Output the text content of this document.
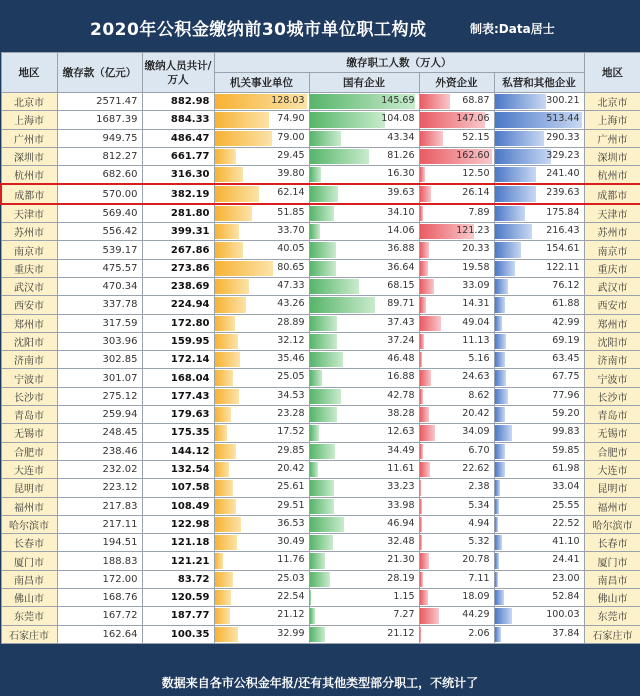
2020年公积金缴纳前30城市单位职工构成	制表:Data居士
地区	缴存款（亿元）	缴纳人员共计/万人	缴存职工人数（万人）				地区
			机关事业单位	国有企业	外资企业	私营和其他企业	
北京市	2571.47	882.98	128.03	145.69	68.87	300.21	北京市
上海市	1687.39	884.33	74.90	104.08	147.06	513.44	上海市
广州市	949.75	486.47	79.00	43.34	52.15	290.33	广州市
深圳市	812.27	661.77	29.45	81.26	162.60	329.23	深圳市
杭州市	682.60	316.30	39.80	16.30	12.50	241.40	杭州市
成都市	570.00	382.19	62.14	39.63	26.14	239.63	成都市
天津市	569.40	281.80	51.85	34.10	7.89	175.84	天津市
苏州市	556.42	399.31	33.70	14.06	121.23	216.43	苏州市
南京市	539.17	267.86	40.05	36.88	20.33	154.61	南京市
重庆市	475.57	273.86	80.65	36.64	19.58	122.11	重庆市
武汉市	470.34	238.69	47.33	68.15	33.09	76.12	武汉市
西安市	337.78	224.94	43.26	89.71	14.31	61.88	西安市
郑州市	317.59	172.80	28.89	37.43	49.04	42.99	郑州市
沈阳市	303.96	159.95	32.12	37.24	11.13	69.19	沈阳市
济南市	302.85	172.14	35.46	46.48	5.16	63.45	济南市
宁波市	301.07	168.04	25.05	16.88	24.63	67.75	宁波市
长沙市	275.12	177.43	34.53	42.78	8.62	77.96	长沙市
青岛市	259.94	179.63	23.28	38.28	20.42	59.20	青岛市
无锡市	248.45	175.35	17.52	12.63	34.09	99.83	无锡市
合肥市	238.46	144.12	29.85	34.49	6.70	59.85	合肥市
大连市	232.02	132.54	20.42	11.61	22.62	61.98	大连市
昆明市	223.12	107.58	25.61	33.23	2.38	33.04	昆明市
福州市	217.83	108.49	29.51	33.98	5.34	25.55	福州市
哈尔滨市	217.11	122.98	36.53	46.94	4.94	22.52	哈尔滨市
长春市	194.51	121.18	30.49	32.48	5.32	41.10	长春市
厦门市	188.83	121.21	11.76	21.30	20.78	24.41	厦门市
南昌市	172.00	83.72	25.03	28.19	7.11	23.00	南昌市
佛山市	168.76	120.59	22.54	1.15	18.09	52.84	佛山市
东莞市	167.72	187.77	21.12	7.27	44.29	100.03	东莞市
石家庄市	162.64	100.35	32.99	21.12	2.06	37.84	石家庄市
数据来自各市公积金年报/还有其他类型部分职工，不统计了
